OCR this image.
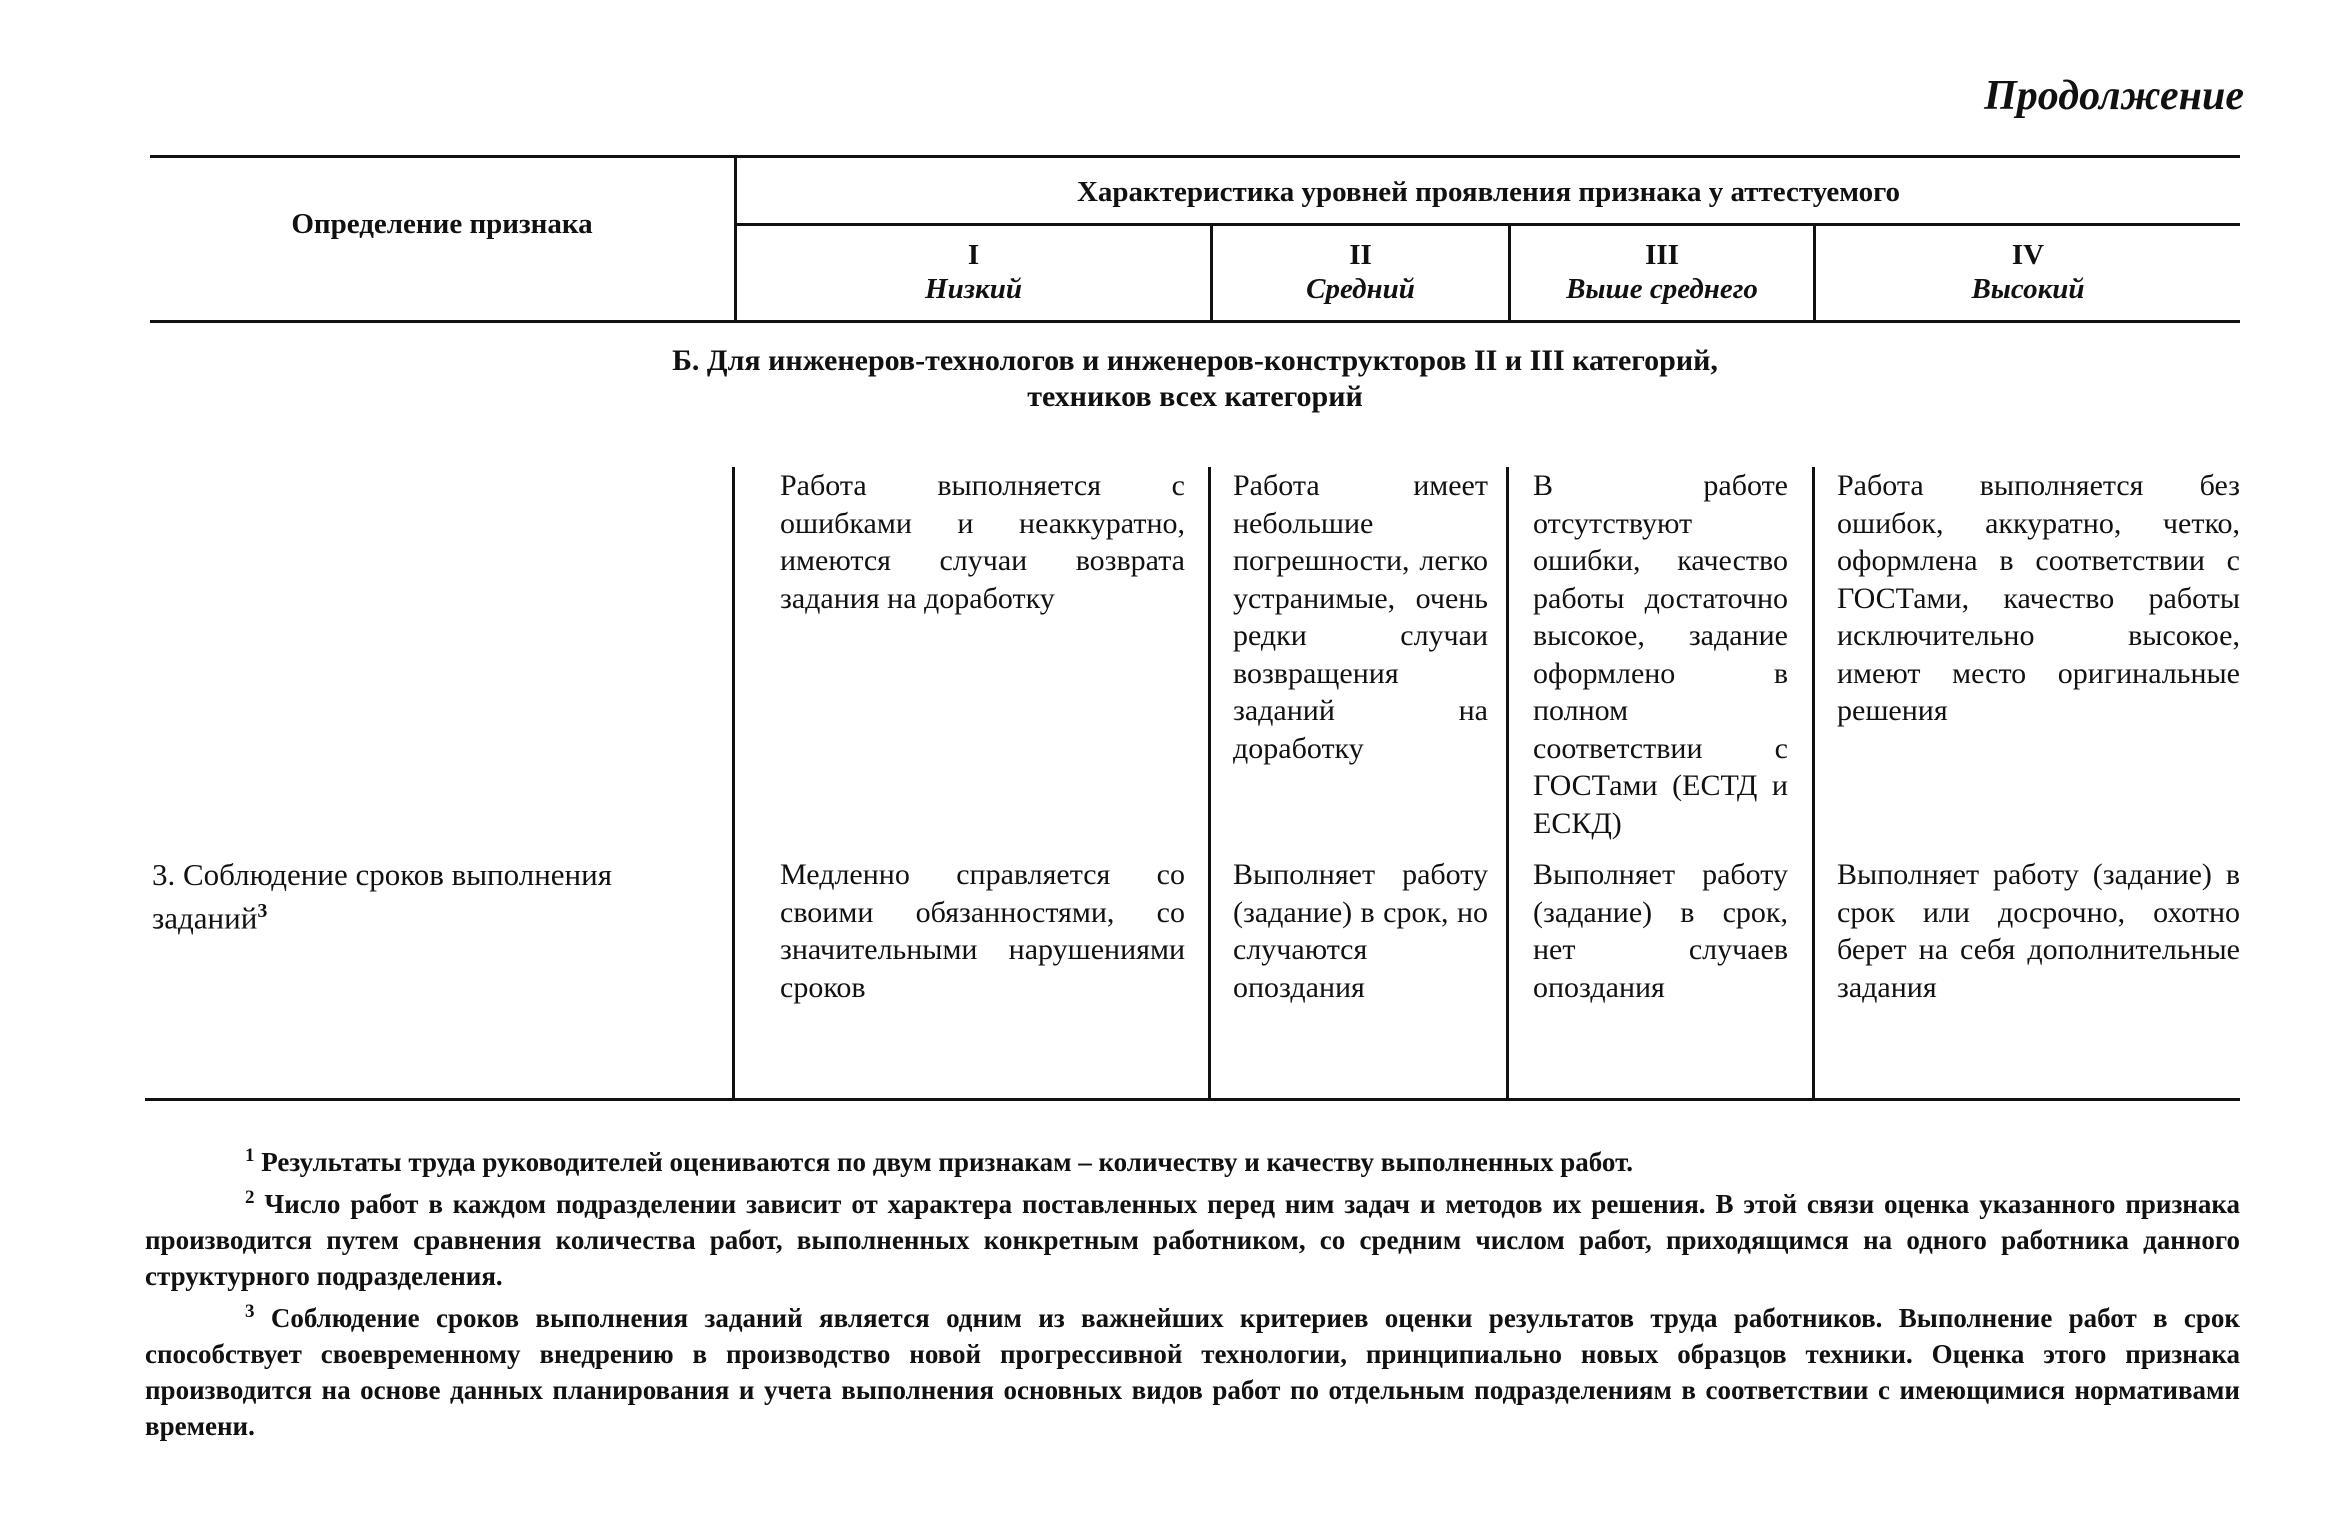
Продолжение
Определение признака
Характеристика уровней проявления признака у аттестуемого
I
Низкий
II
Средний
III
Выше среднего
IV
Высокий
Б. Для инженеров-технологов и инженеров-конструкторов II и III категорий,
техников всех категорий
Работа выполняется с ошибками и неаккуратно, имеются случаи возврата задания на доработку
Работа имеет небольшие погрешности, легко устранимые, очень редки случаи возвращения заданий на доработку
В работе отсутствуют ошибки, качество работы достаточно высокое, задание оформлено в полном соответствии с ГОСТами (ЕСТД и ЕСКД)
Работа выполняется без ошибок, аккуратно, четко, оформлена в соответствии с ГОСТами, качество работы исключительно высокое, имеют место оригинальные решения
3. Соблюдение сроков выполнения заданий$^3$
Медленно справляется со своими обязанностями, со значительными нарушениями сроков
Выполняет работу (задание) в срок, но случаются опоздания
Выполняет работу (задание) в срок, нет случаев опоздания
Выполняет работу (задание) в срок или досрочно, охотно берет на себя дополнительные задания

$^1$ Результаты труда руководителей оцениваются по двум признакам – количеству и качеству выполненных работ.

$^2$ Число работ в каждом подразделении зависит от характера поставленных перед ним задач и методов их решения. В этой связи оценка указанного признака производится путем сравнения количества работ, выполненных конкретным работником, со средним числом работ, приходящимся на одного работника данного структурного подразделения.

$^3$ Соблюдение сроков выполнения заданий является одним из важнейших критериев оценки результатов труда работников. Выполнение работ в срок способствует своевременному внедрению в производство новой прогрессивной технологии, принципиально новых образцов техники. Оценка этого признака производится на основе данных планирования и учета выполнения основных видов работ по отдельным подразделениям в соответствии с имеющимися нормативами времени.
